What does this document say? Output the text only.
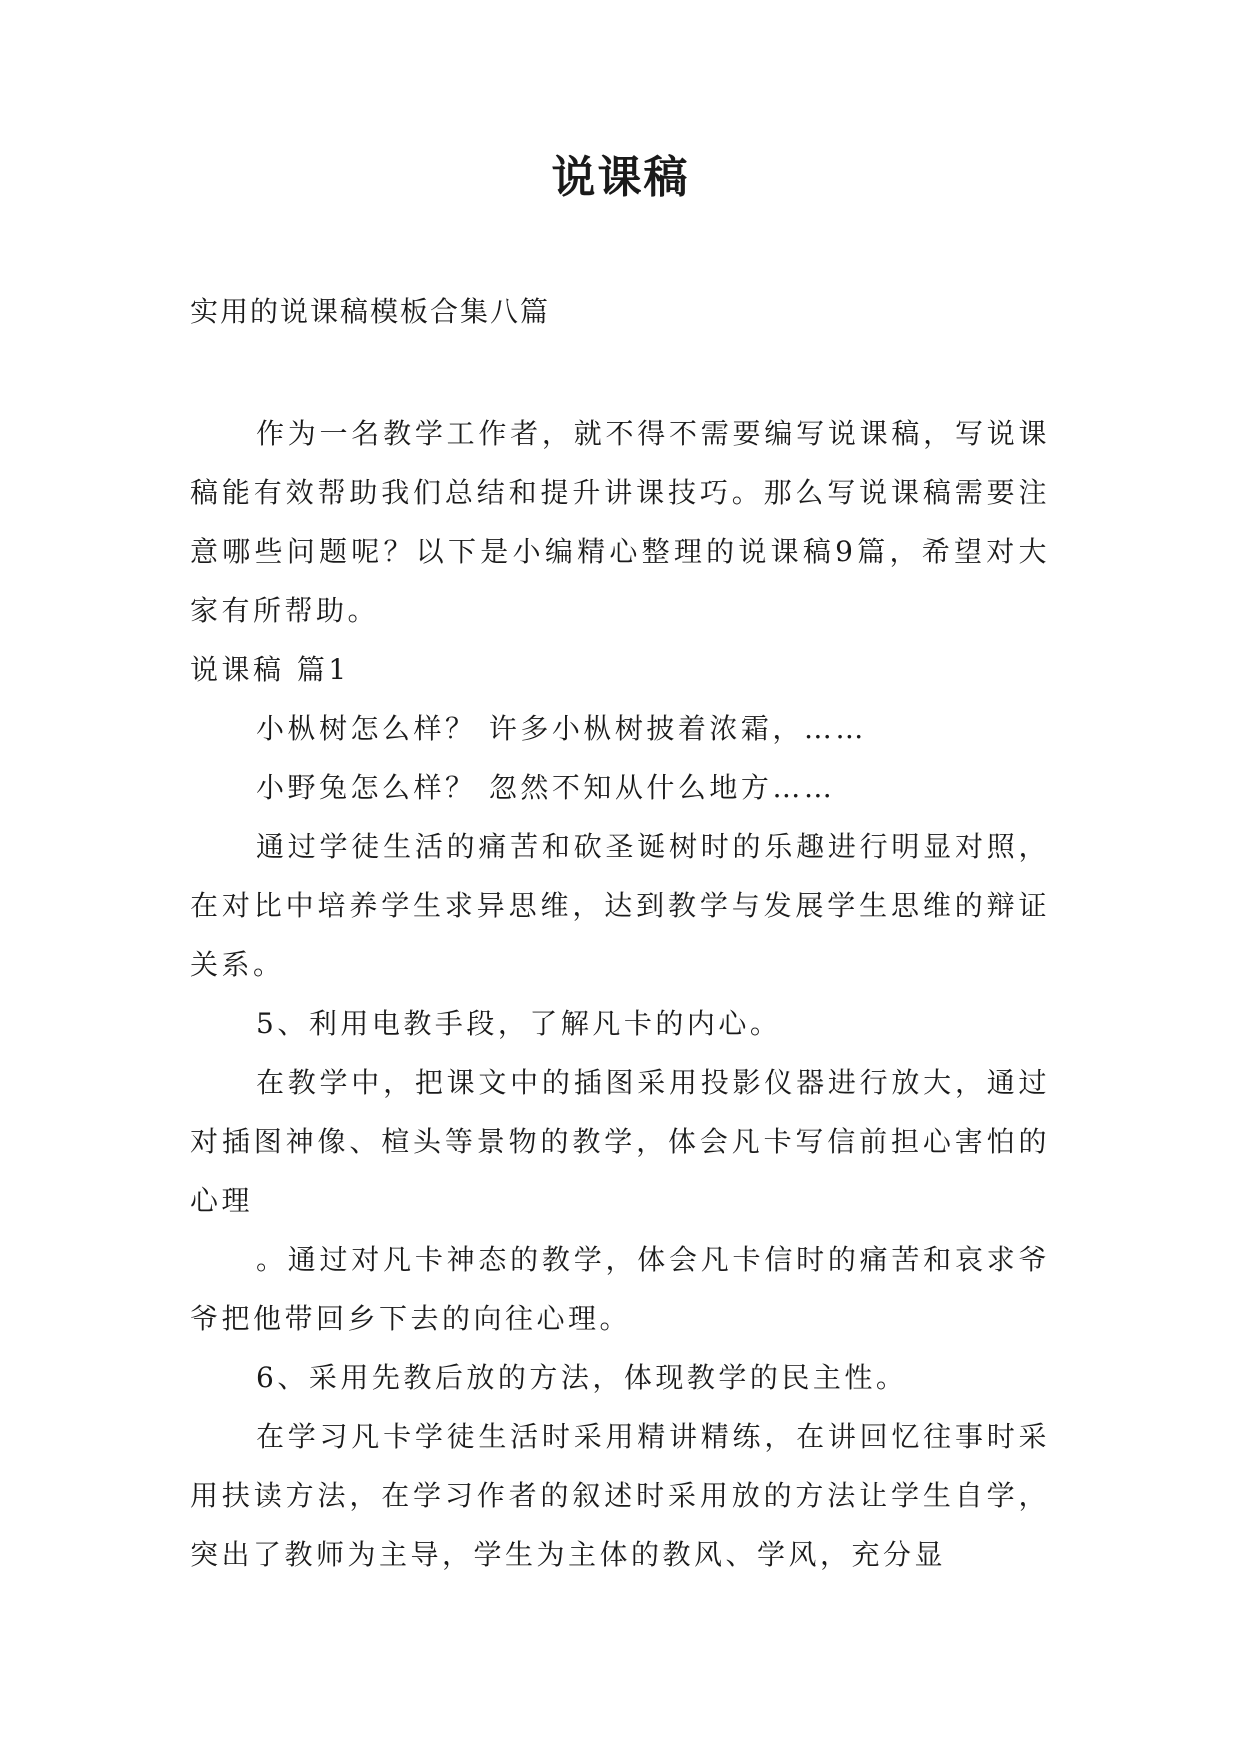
说课稿
实用的说课稿模板合集八篇

作为一名教学工作者，就不得不需要编写说课稿，写说课稿能有效帮助我们总结和提升讲课技巧。那么写说课稿需要注意哪些问题呢？以下是小编精心整理的说课稿9篇，希望对大家有所帮助。

说课稿 篇1

小枞树怎么样？ 许多小枞树披着浓霜，……

小野兔怎么样？ 忽然不知从什么地方……

通过学徒生活的痛苦和砍圣诞树时的乐趣进行明显对照，在对比中培养学生求异思维，达到教学与发展学生思维的辩证关系。

5、利用电教手段，了解凡卡的内心。

在教学中，把课文中的插图采用投影仪器进行放大，通过对插图神像、楦头等景物的教学，体会凡卡写信前担心害怕的心理

。通过对凡卡神态的教学，体会凡卡信时的痛苦和哀求爷爷把他带回乡下去的向往心理。

6、采用先教后放的方法，体现教学的民主性。

在学习凡卡学徒生活时采用精讲精练，在讲回忆往事时采用扶读方法，在学习作者的叙述时采用放的方法让学生自学，突出了教师为主导，学生为主体的教风、学风，充分显
